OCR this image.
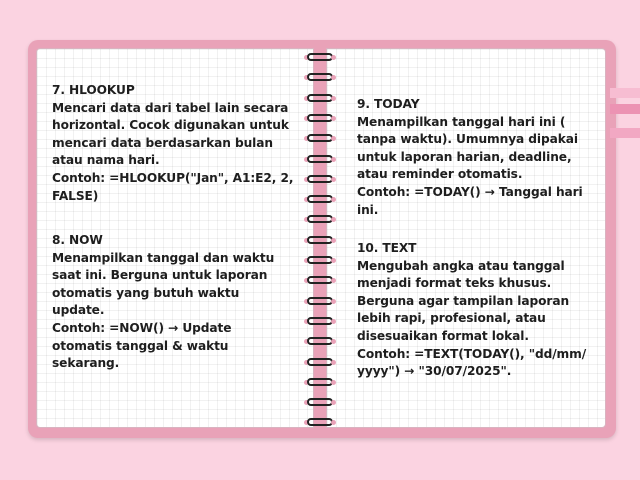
7. HLOOKUP
Mencari data dari tabel lain secara
horizontal. Cocok digunakan untuk
mencari data berdasarkan bulan
atau nama hari.
Contoh: =HLOOKUP("Jan", A1:E2, 2,
FALSE)
8. NOW
Menampilkan tanggal dan waktu
saat ini. Berguna untuk laporan
otomatis yang butuh waktu
update.
Contoh: =NOW() → Update
otomatis tanggal & waktu
sekarang.
9. TODAY
Menampilkan tanggal hari ini (
tanpa waktu). Umumnya dipakai
untuk laporan harian, deadline,
atau reminder otomatis.
Contoh: =TODAY() → Tanggal hari
ini.
10. TEXT
Mengubah angka atau tanggal
menjadi format teks khusus.
Berguna agar tampilan laporan
lebih rapi, profesional, atau
disesuaikan format lokal.
Contoh: =TEXT(TODAY(), "dd/mm/
yyyy") → "30/07/2025".
